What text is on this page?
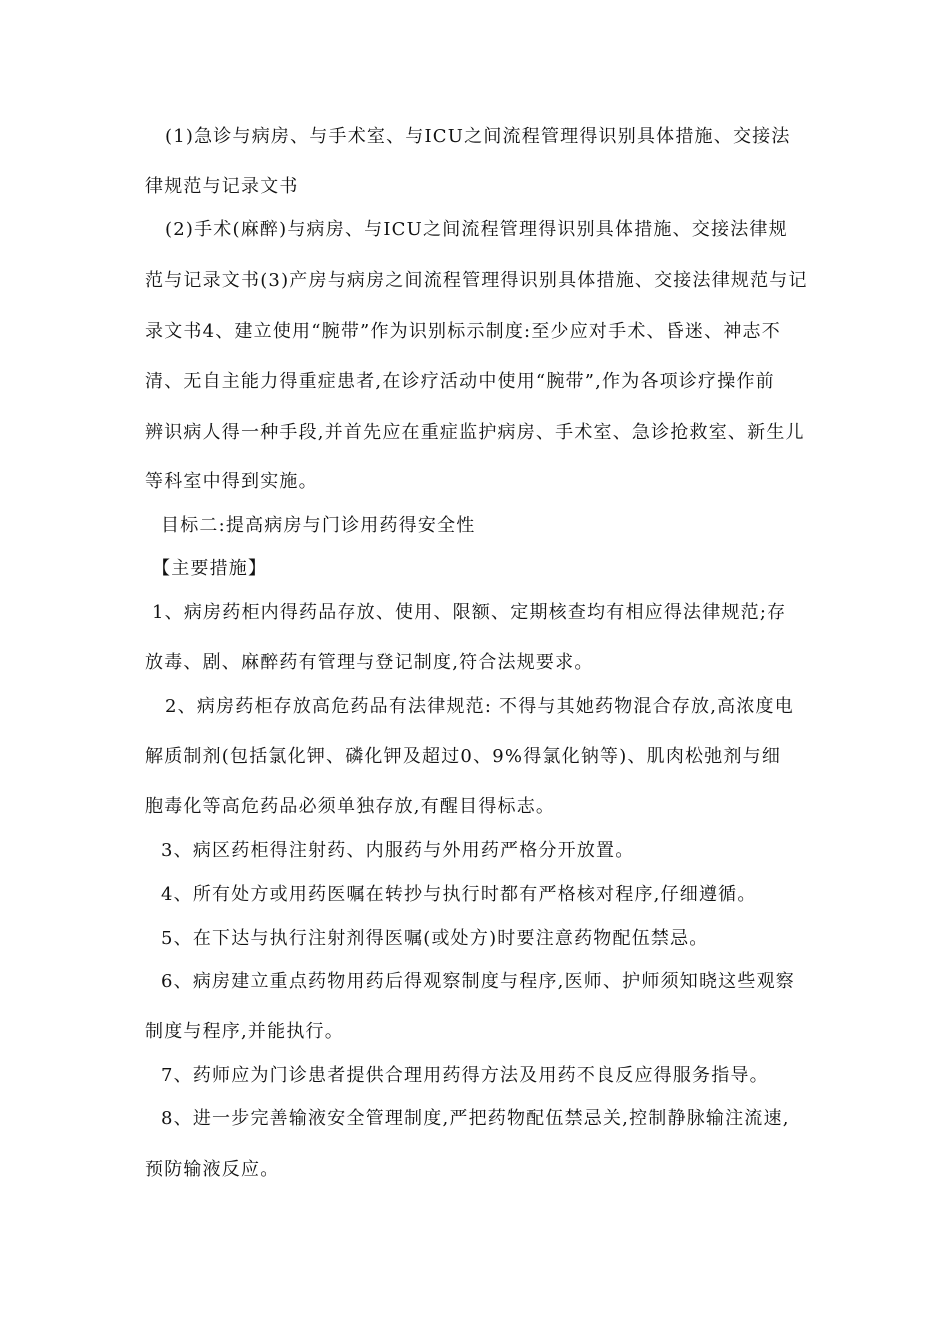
(1)急诊与病房、与手术室、与ICU之间流程管理得识别具体措施、交接法
律规范与记录文书
(2)手术(麻醉)与病房、与ICU之间流程管理得识别具体措施、交接法律规
范与记录文书(3)产房与病房之间流程管理得识别具体措施、交接法律规范与记
录文书4、建立使用“腕带”作为识别标示制度:至少应对手术、昏迷、神志不
清、无自主能力得重症患者,在诊疗活动中使用“腕带”,作为各项诊疗操作前
辨识病人得一种手段,并首先应在重症监护病房、手术室、急诊抢救室、新生儿
等科室中得到实施。
目标二:提高病房与门诊用药得安全性
【主要措施】
1、病房药柜内得药品存放、使用、限额、定期核查均有相应得法律规范;存
放毒、剧、麻醉药有管理与登记制度,符合法规要求。
2、病房药柜存放高危药品有法律规范: 不得与其她药物混合存放,高浓度电
解质制剂(包括氯化钾、磷化钾及超过0、9%得氯化钠等)、肌肉松弛剂与细
胞毒化等高危药品必须单独存放,有醒目得标志。
3、病区药柜得注射药、内服药与外用药严格分开放置。
4、所有处方或用药医嘱在转抄与执行时都有严格核对程序,仔细遵循。
5、在下达与执行注射剂得医嘱(或处方)时要注意药物配伍禁忌。
6、病房建立重点药物用药后得观察制度与程序,医师、护师须知晓这些观察
制度与程序,并能执行。
7、药师应为门诊患者提供合理用药得方法及用药不良反应得服务指导。
8、进一步完善输液安全管理制度,严把药物配伍禁忌关,控制静脉输注流速,
预防输液反应。
